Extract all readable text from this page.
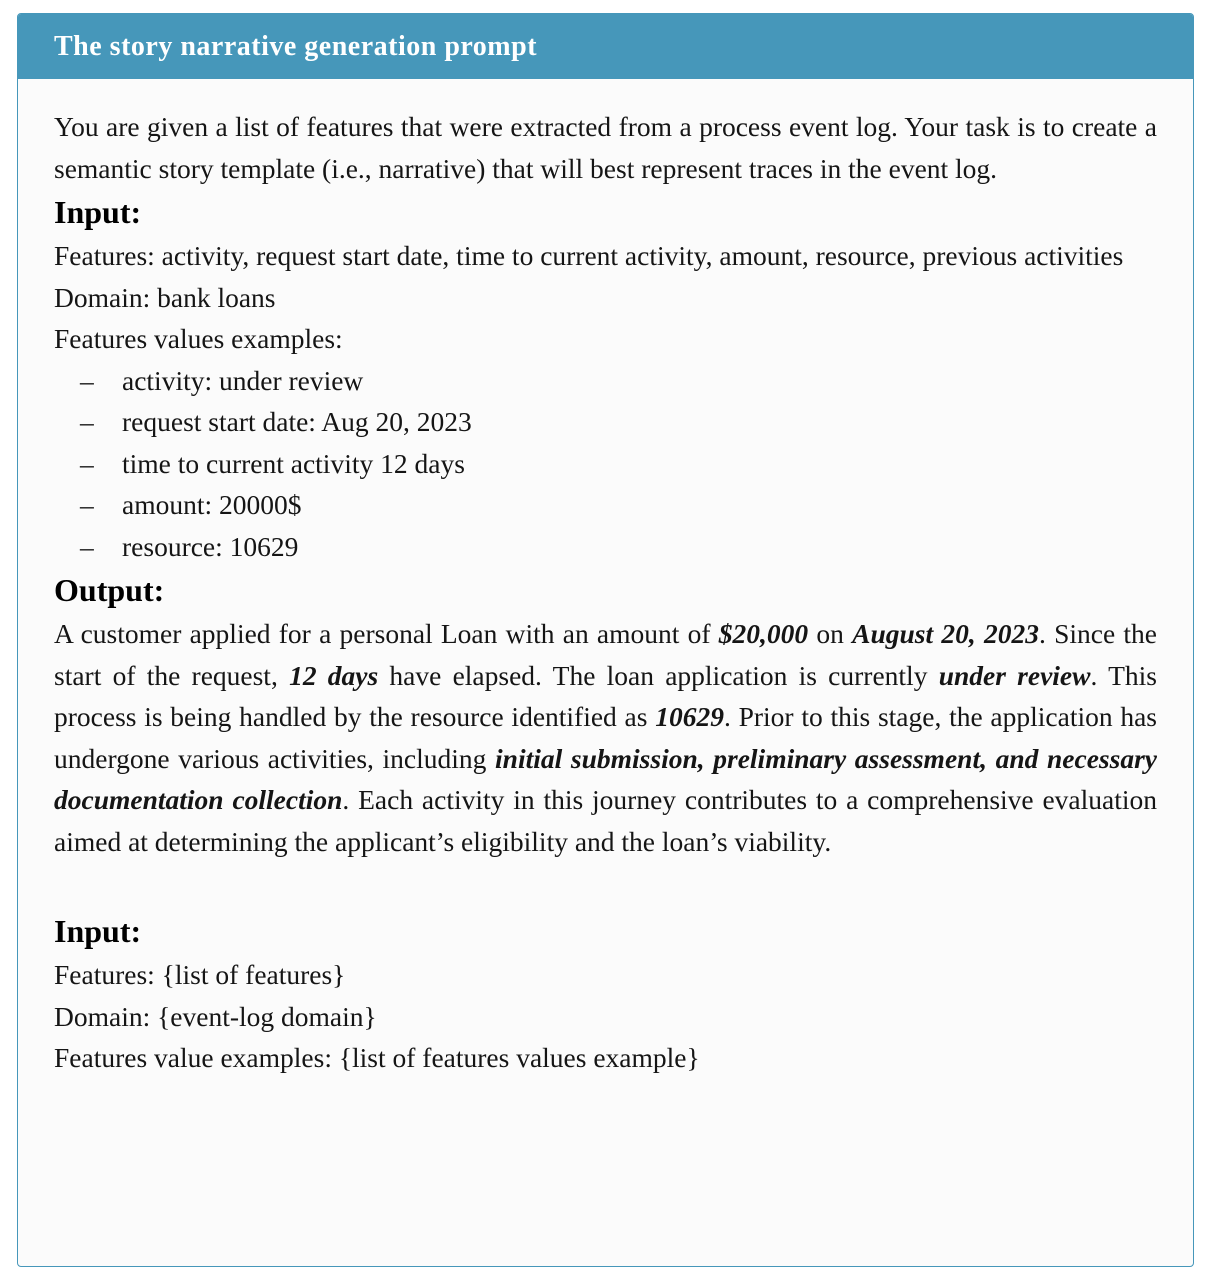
The story narrative generation prompt

You are given a list of features that were extracted from a process event log. Your task is to create a semantic story template (i.e., narrative) that will best represent traces in the event log.

Input:

Features: activity, request start date, time to current activity, amount, resource, previous activities

Domain: bank loans

Features values examples:

– activity: under review
– request start date: Aug 20, 2023
– time to current activity 12 days
– amount: 20000$
– resource: 10629
Output:

A customer applied for a personal Loan with an amount of $20,000 on August 20, 2023. Since the start of the request, 12 days have elapsed. The loan application is currently under review. This process is being handled by the resource identified as 10629. Prior to this stage, the application has undergone various activities, including initial submission, preliminary assessment, and necessary documentation collection. Each activity in this journey contributes to a comprehensive evaluation aimed at determining the applicant’s eligibility and the loan’s viability.

Input:

Features: {list of features}

Domain: {event-log domain}

Features value examples: {list of features values example}
